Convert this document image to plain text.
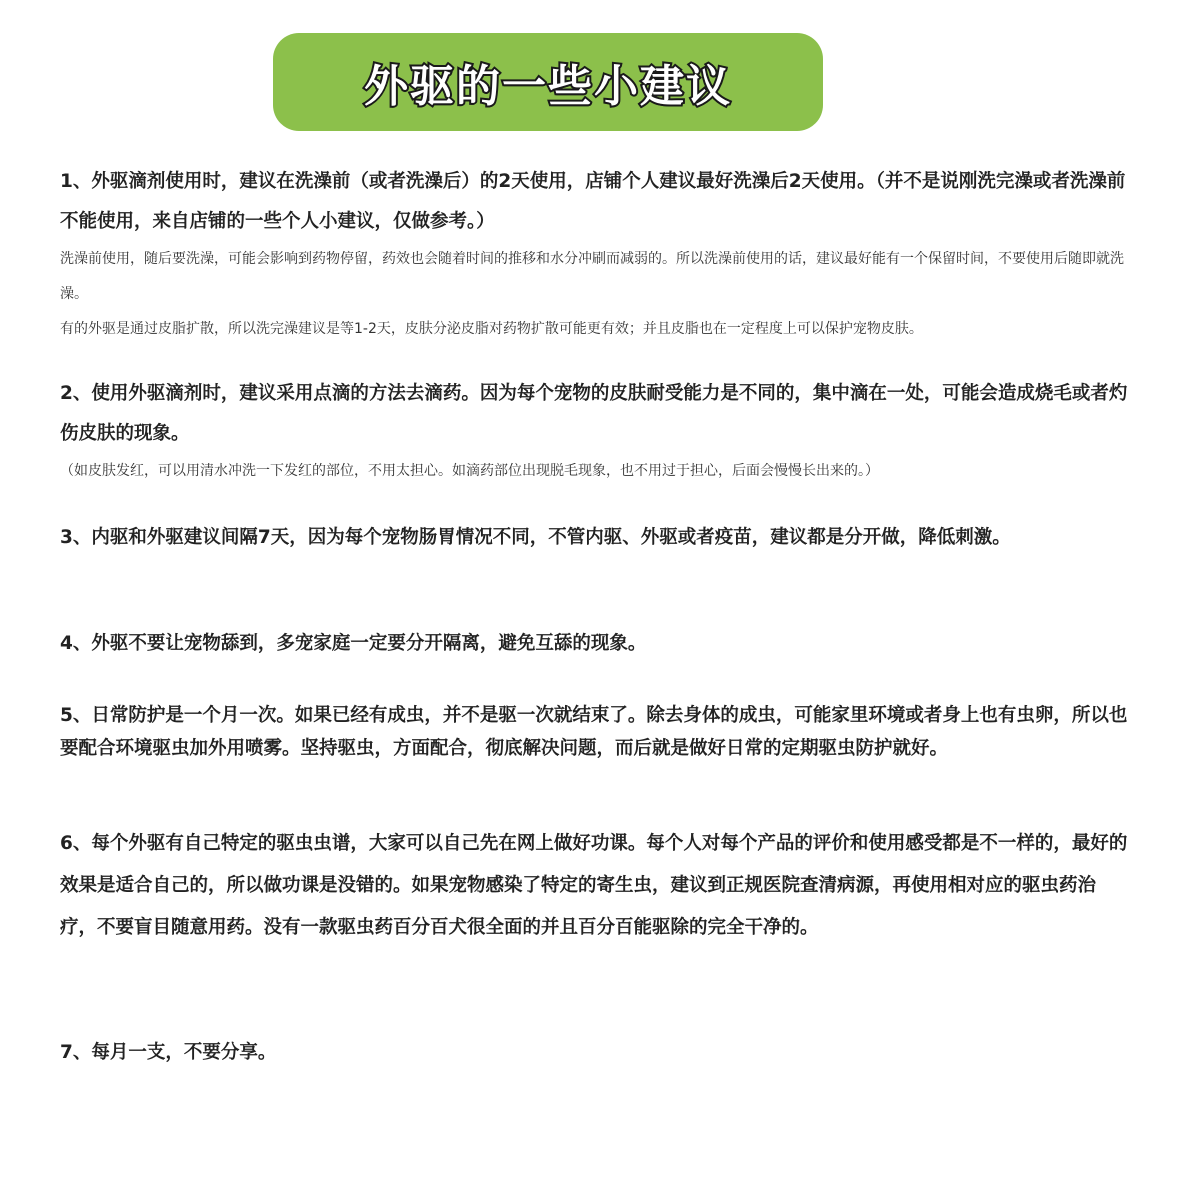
外驱的一些小建议

1、外驱滴剂使用时，建议在洗澡前（或者洗澡后）的2天使用，店铺个人建议最好洗澡后2天使用。（并不是说刚洗完澡或者洗澡前不能使用，来自店铺的一些个人小建议，仅做参考。）

洗澡前使用，随后要洗澡，可能会影响到药物停留，药效也会随着时间的推移和水分冲刷而减弱的。所以洗澡前使用的话，建议最好能有一个保留时间，不要使用后随即就洗澡。

有的外驱是通过皮脂扩散，所以洗完澡建议是等1-2天，皮肤分泌皮脂对药物扩散可能更有效；并且皮脂也在一定程度上可以保护宠物皮肤。

2、使用外驱滴剂时，建议采用点滴的方法去滴药。因为每个宠物的皮肤耐受能力是不同的，集中滴在一处，可能会造成烧毛或者灼伤皮肤的现象。

（如皮肤发红，可以用清水冲洗一下发红的部位，不用太担心。如滴药部位出现脱毛现象，也不用过于担心，后面会慢慢长出来的。）

3、内驱和外驱建议间隔7天，因为每个宠物肠胃情况不同，不管内驱、外驱或者疫苗，建议都是分开做，降低刺激。

4、外驱不要让宠物舔到，多宠家庭一定要分开隔离，避免互舔的现象。

5、日常防护是一个月一次。如果已经有成虫，并不是驱一次就结束了。除去身体的成虫，可能家里环境或者身上也有虫卵，所以也要配合环境驱虫加外用喷雾。坚持驱虫，方面配合，彻底解决问题，而后就是做好日常的定期驱虫防护就好。

6、每个外驱有自己特定的驱虫虫谱，大家可以自己先在网上做好功课。每个人对每个产品的评价和使用感受都是不一样的，最好的效果是适合自己的，所以做功课是没错的。如果宠物感染了特定的寄生虫，建议到正规医院查清病源，再使用相对应的驱虫药治疗，不要盲目随意用药。没有一款驱虫药百分百犬很全面的并且百分百能驱除的完全干净的。

7、每月一支，不要分享。
